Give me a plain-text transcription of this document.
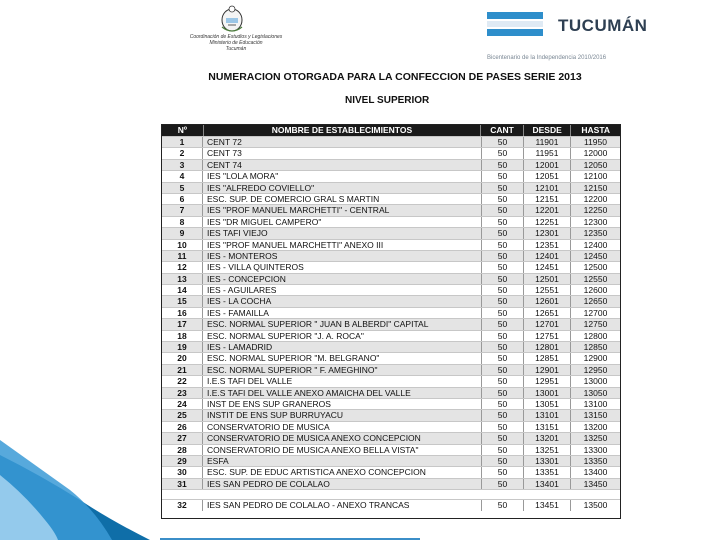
Coordinación de Estudios y Legislaciones
Ministerio de Educación
Tucumán
TUCUMÁN
Bicentenario de la Independencia 2010/2016
NUMERACION OTORGADA PARA LA CONFECCION DE PASES SERIE 2013
NIVEL SUPERIOR
Nº	NOMBRE DE ESTABLECIMIENTOS	CANT	DESDE	HASTA
1	CENT 72	50	11901	11950
2	CENT 73	50	11951	12000
3	CENT 74	50	12001	12050
4	IES "LOLA MORA"	50	12051	12100
5	IES "ALFREDO COVIELLO"	50	12101	12150
6	ESC. SUP. DE COMERCIO GRAL S MARTIN	50	12151	12200
7	IES "PROF MANUEL MARCHETTI" - CENTRAL	50	12201	12250
8	IES "DR MIGUEL CAMPERO"	50	12251	12300
9	IES TAFI VIEJO	50	12301	12350
10	IES "PROF MANUEL MARCHETTI" ANEXO III	50	12351	12400
11	IES - MONTEROS	50	12401	12450
12	IES - VILLA QUINTEROS	50	12451	12500
13	IES - CONCEPCION	50	12501	12550
14	IES - AGUILARES	50	12551	12600
15	IES - LA COCHA	50	12601	12650
16	IES - FAMAILLA	50	12651	12700
17	ESC. NORMAL SUPERIOR " JUAN B ALBERDI" CAPITAL	50	12701	12750
18	ESC. NORMAL SUPERIOR "J. A. ROCA"	50	12751	12800
19	IES - LAMADRID	50	12801	12850
20	ESC. NORMAL SUPERIOR "M. BELGRANO"	50	12851	12900
21	ESC. NORMAL SUPERIOR " F. AMEGHINO"	50	12901	12950
22	I.E.S TAFI DEL VALLE	50	12951	13000
23	I.E.S TAFI DEL VALLE ANEXO AMAICHA DEL VALLE	50	13001	13050
24	INST DE ENS SUP GRANEROS	50	13051	13100
25	INSTIT DE ENS SUP BURRUYACU	50	13101	13150
26	CONSERVATORIO DE MUSICA	50	13151	13200
27	CONSERVATORIO DE MUSICA ANEXO CONCEPCION	50	13201	13250
28	CONSERVATORIO DE MUSICA ANEXO BELLA VISTA"	50	13251	13300
29	ESFA	50	13301	13350
30	ESC. SUP. DE EDUC ARTISTICA ANEXO CONCEPCION	50	13351	13400
31	IES SAN PEDRO DE COLALAO	50	13401	13450
32	IES SAN PEDRO DE COLALAO - ANEXO TRANCAS	50	13451	13500
